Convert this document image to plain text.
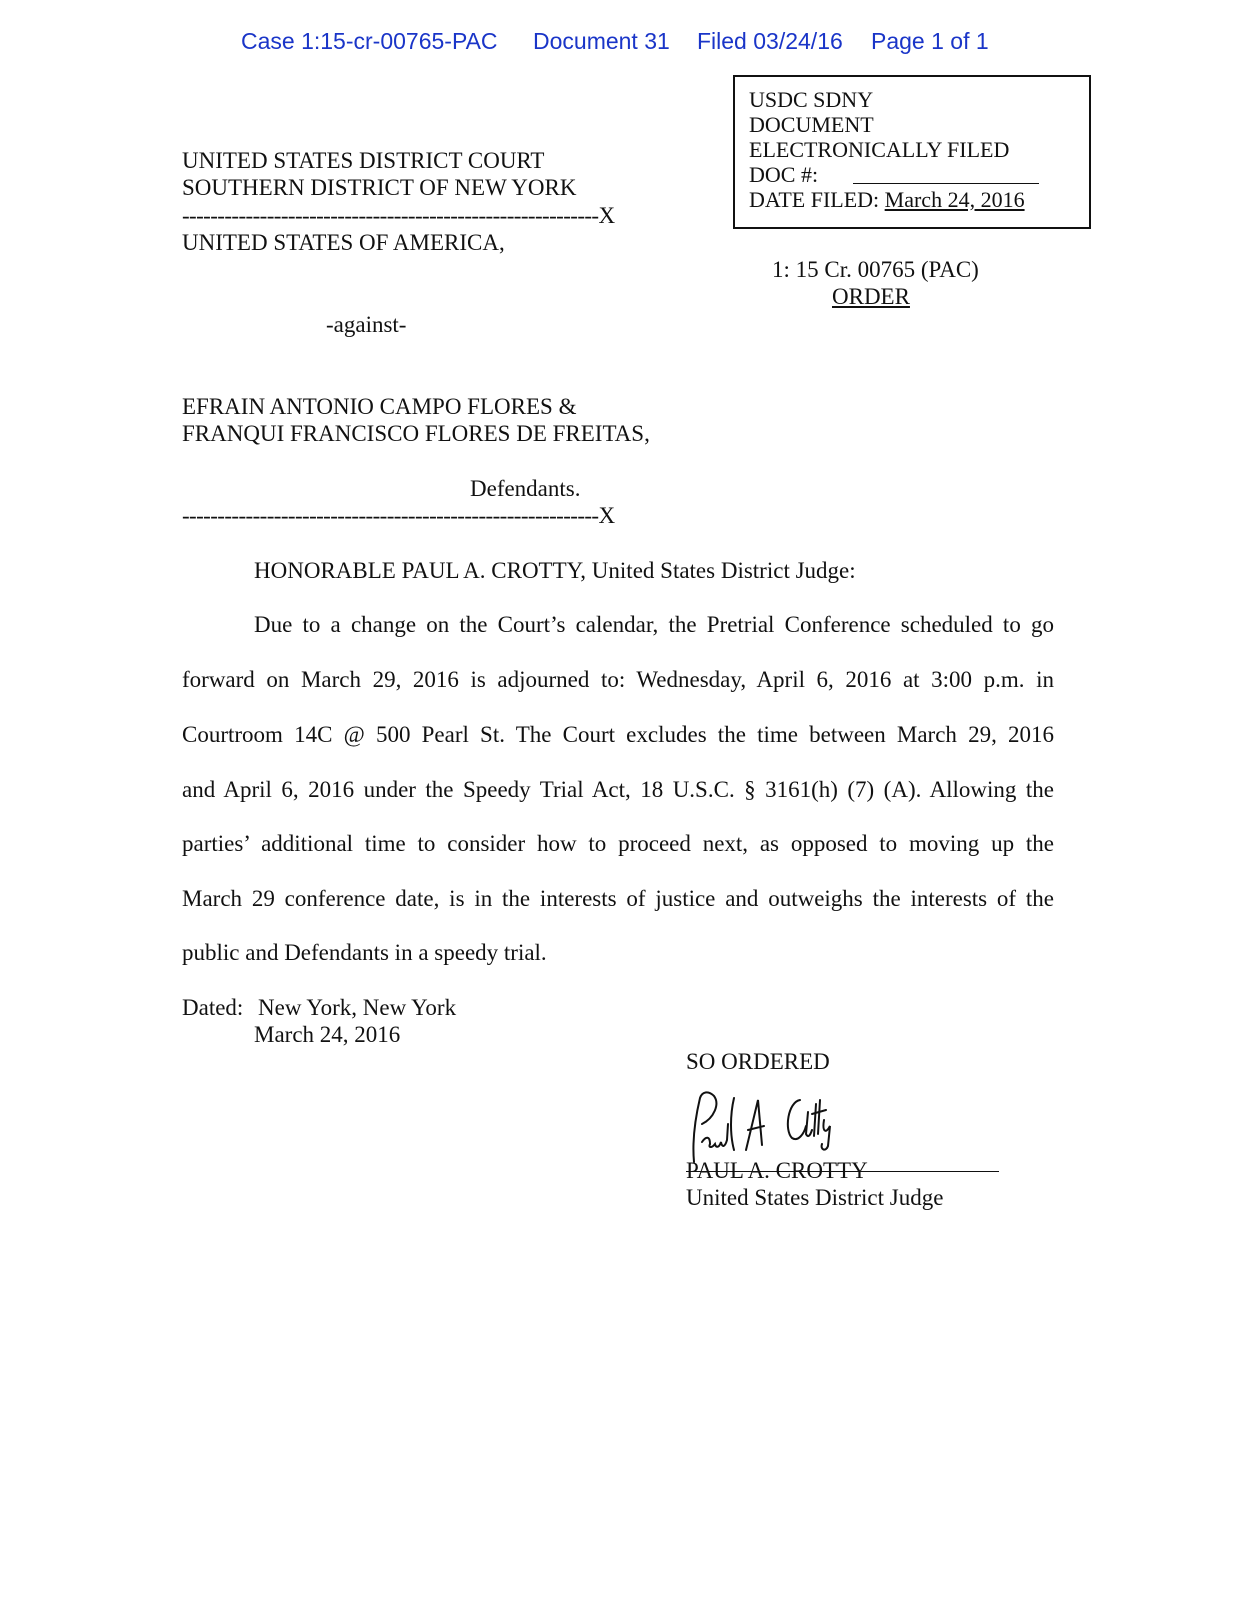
Case 1:15-cr-00765-PAC Document 31 Filed 03/24/16 Page 1 of 1
USDC SDNY
DOCUMENT
ELECTRONICALLY FILED
DOC #:
DATE FILED: March 24, 2016
UNITED STATES DISTRICT COURT
SOUTHERN DISTRICT OF NEW YORK
-----------------------------------------------------------X
UNITED STATES OF AMERICA,
-against-
EFRAIN ANTONIO CAMPO FLORES &
FRANQUI FRANCISCO FLORES DE FREITAS,
Defendants.
-----------------------------------------------------------X
1: 15 Cr. 00765 (PAC)
ORDER
HONORABLE PAUL A. CROTTY, United States District Judge:
Due to a change on the Court’s calendar, the Pretrial Conference scheduled to go
forward on March 29, 2016 is adjourned to: Wednesday, April 6, 2016 at 3:00 p.m. in
Courtroom 14C @ 500 Pearl St. The Court excludes the time between March 29, 2016
and April 6, 2016 under the Speedy Trial Act, 18 U.S.C. § 3161(h) (7) (A). Allowing the
parties’ additional time to consider how to proceed next, as opposed to moving up the
March 29 conference date, is in the interests of justice and outweighs the interests of the
public and Defendants in a speedy trial.
Dated: New York, New York
March 24, 2016
SO ORDERED
PAUL A. CROTTY
United States District Judge
